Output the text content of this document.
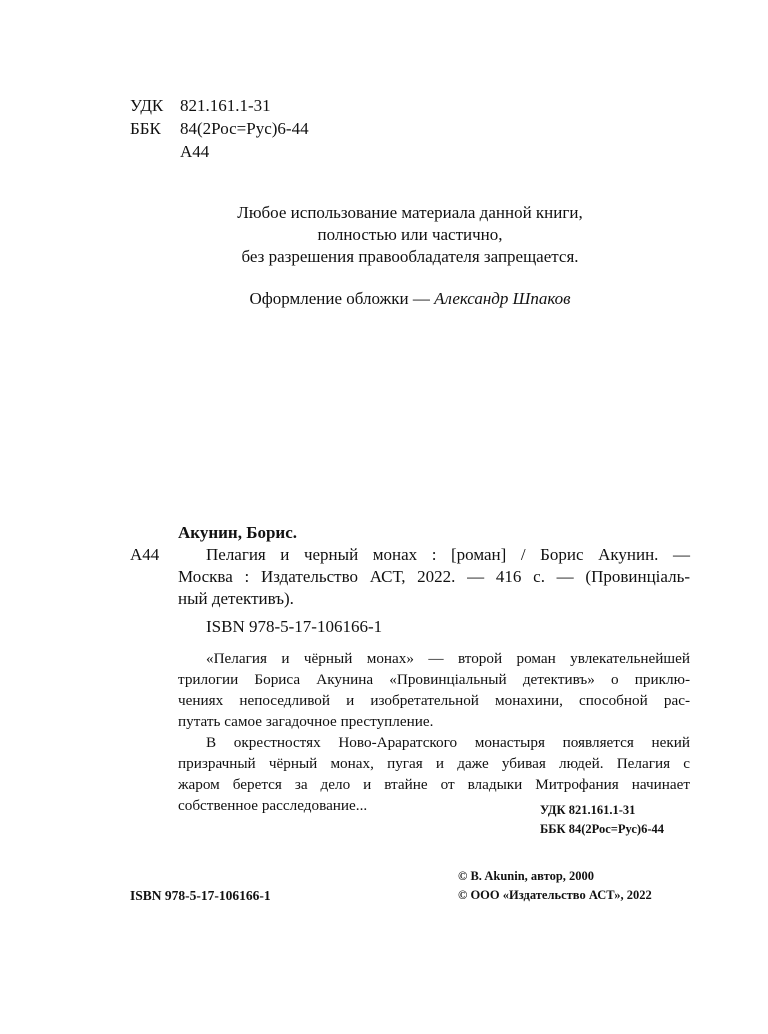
УДК 821.161.1-31
ББК 84(2Рос=Рус)6-44
А44
Любое использование материала данной книги,
полностью или частично,
без разрешения правообладателя запрещается.
Оформление обложки — Александр Шпаков
Акунин, Борис.
А44	Пелагия и черный монах : [роман] / Борис Акунин. —
Москва : Издательство АСТ, 2022. — 416 с. — (Провинціаль-
ный детективъ).
ISBN 978-5-17-106166-1
«Пелагия и чёрный монах» — второй роман увлекательнейшей
трилогии Бориса Акунина «Провинціальный детективъ» о приклю-
чениях непоседливой и изобретательной монахини, способной рас-
путать самое загадочное преступление.
В окрестностях Ново-Араратского монастыря появляется некий
призрачный чёрный монах, пугая и даже убивая людей. Пелагия с
жаром берется за дело и втайне от владыки Митрофания начинает
собственное расследование...	УДК 821.161.1-31
ББК 84(2Рос=Рус)6-44
ISBN 978-5-17-106166-1
© B. Akunin, автор, 2000
© ООО «Издательство АСТ», 2022
